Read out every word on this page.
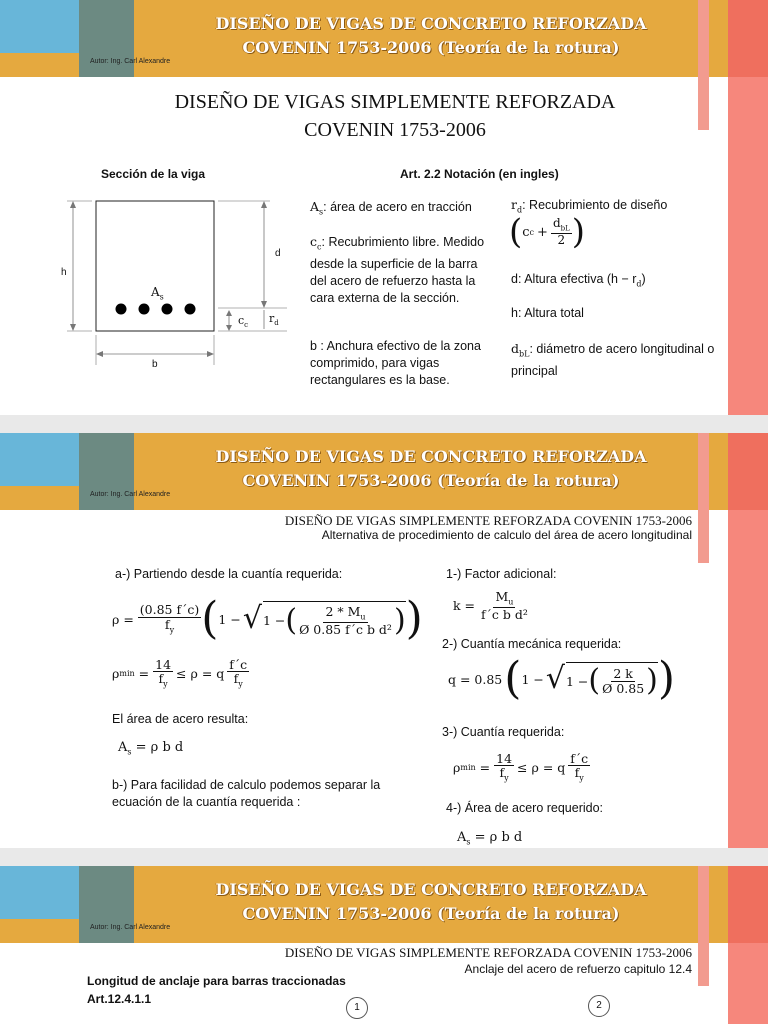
DISEÑO DE VIGAS DE CONCRETO REFORZADA
COVENIN 1753-2006 (Teoría de la rotura)
Autor: Ing. Carl Alexandre
DISEÑO DE VIGAS SIMPLEMENTE REFORZADA
COVENIN 1753-2006
Sección de la viga	Art. 2.2 Notación (en ingles)
h
d
b
$A_s$
$c_c$
$r_d$
$A_s$: área de acero en tracción
$c_c$: Recubrimiento libre. Medido desde la superficie de la barra del acero de refuerzo hasta la cara externa de la sección.
b : Anchura efectivo de la zona comprimido, para vigas rectangulares es la base.
$r_d$: Recubrimiento de diseño
( c $c + \frac{d_{bL}}{2}$ )
d: Altura efectiva $(h - r_d)$
h: Altura total
$d_{bL}$: diámetro de acero longitudinal o principal
DISEÑO DE VIGAS DE CONCRETO REFORZADA
COVENIN 1753-2006 (Teoría de la rotura)
Autor: Ing. Carl Alexandre
DISEÑO DE VIGAS SIMPLEMENTE REFORZADA COVENIN 1753-2006
Alternativa de procedimiento de calculo del área de acero longitudinal
a-) Partiendo desde la cuantía requerida:
$\rho = \frac{(0.85 f´c)}{f_y}$ ( 1 − √ 1 − ( $\frac{2 * M_u}{\text{Ø 0.85 f´c b d²}}$ ) )
ρ $\min = \frac{14}{f_y} \le \rho = q \frac{f´c}{f_y}$
El área de acero resulta:
$A_s = \rho$ b d
b-) Para facilidad de calculo podemos separar la ecuación de la cuantía requerida :
1-) Factor adicional:
$k = \frac{M_u}{\text{f´c b d²}}$
2-) Cuantía mecánica requerida:
q = 0.85 ( 1 − √ 1 − ( $\frac{2 k}{Ø 0.85}$ ) )
3-) Cuantía requerida:
ρ $\min = \frac{14}{f_y} \le \rho = q \frac{f´c}{f_y}$
4-) Área de acero requerido:
$A_s = \rho$ b d
DISEÑO DE VIGAS DE CONCRETO REFORZADA
COVENIN 1753-2006 (Teoría de la rotura)
Autor: Ing. Carl Alexandre
DISEÑO DE VIGAS SIMPLEMENTE REFORZADA COVENIN 1753-2006
Anclaje del acero de refuerzo capitulo 12.4
Longitud de anclaje para barras traccionadas
Art.12.4.1.1
1	2
